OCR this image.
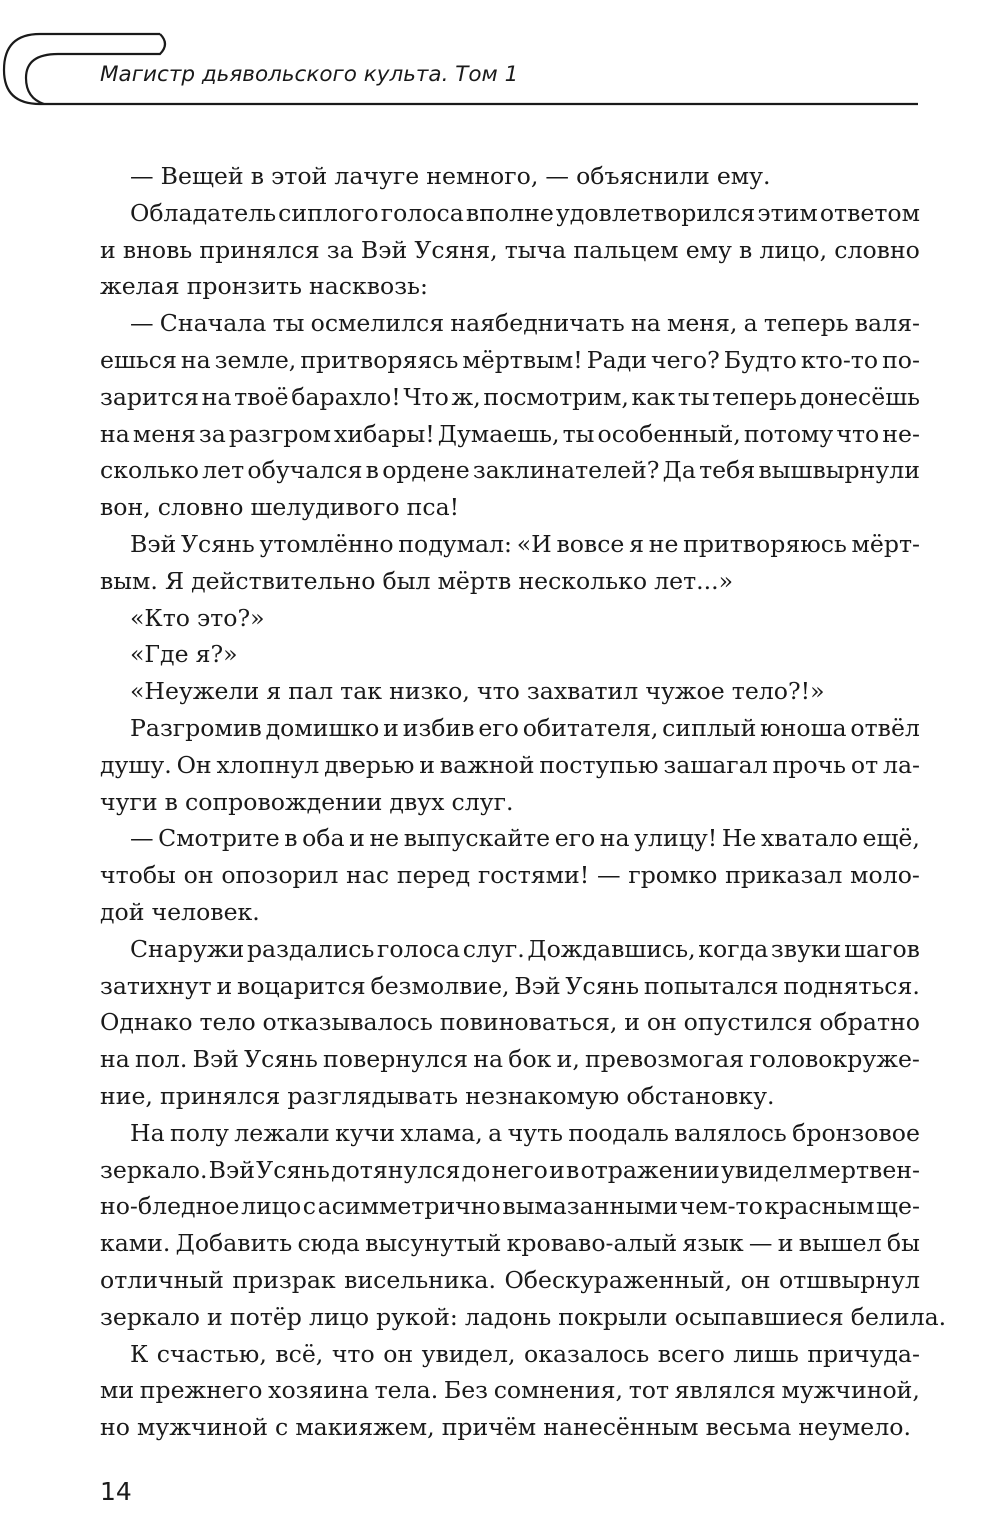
Магистр дьявольского культа. Том 1
— Вещей в этой лачуге немного, — объяснили ему.
Обладатель сиплого голоса вполне удовлетворился этим ответом
и вновь принялся за Вэй Усяня, тыча пальцем ему в лицо, словно
желая пронзить насквозь:
— Сначала ты осмелился наябедничать на меня, а теперь валя-
ешься на земле, притворяясь мёртвым! Ради чего? Будто кто-то по-
зарится на твоё барахло! Что ж, посмотрим, как ты теперь донесёшь
на меня за разгром хибары! Думаешь, ты особенный, потому что не-
сколько лет обучался в ордене заклинателей? Да тебя вышвырнули
вон, словно шелудивого пса!
Вэй Усянь утомлённо подумал: «И вовсе я не притворяюсь мёрт-
вым. Я действительно был мёртв несколько лет...»
«Кто это?»
«Где я?»
«Неужели я пал так низко, что захватил чужое тело?!»
Разгромив домишко и избив его обитателя, сиплый юноша отвёл
душу. Он хлопнул дверью и важной поступью зашагал прочь от ла-
чуги в сопровождении двух слуг.
— Смотрите в оба и не выпускайте его на улицу! Не хватало ещё,
чтобы он опозорил нас перед гостями! — громко приказал моло-
дой человек.
Снаружи раздались голоса слуг. Дождавшись, когда звуки шагов
затихнут и воцарится безмолвие, Вэй Усянь попытался подняться.
Однако тело отказывалось повиноваться, и он опустился обратно
на пол. Вэй Усянь повернулся на бок и, превозмогая головокруже-
ние, принялся разглядывать незнакомую обстановку.
На полу лежали кучи хлама, а чуть поодаль валялось бронзовое
зеркало. Вэй Усянь дотянулся до него и в отражении увидел мертвен-
но-бледное лицо с асимметрично вымазанными чем-то красным ще-
ками. Добавить сюда высунутый кроваво-алый язык — и вышел бы
отличный призрак висельника. Обескураженный, он отшвырнул
зеркало и потёр лицо рукой: ладонь покрыли осыпавшиеся белила.
К счастью, всё, что он увидел, оказалось всего лишь причуда-
ми прежнего хозяина тела. Без сомнения, тот являлся мужчиной,
но мужчиной с макияжем, причём нанесённым весьма неумело.
14
